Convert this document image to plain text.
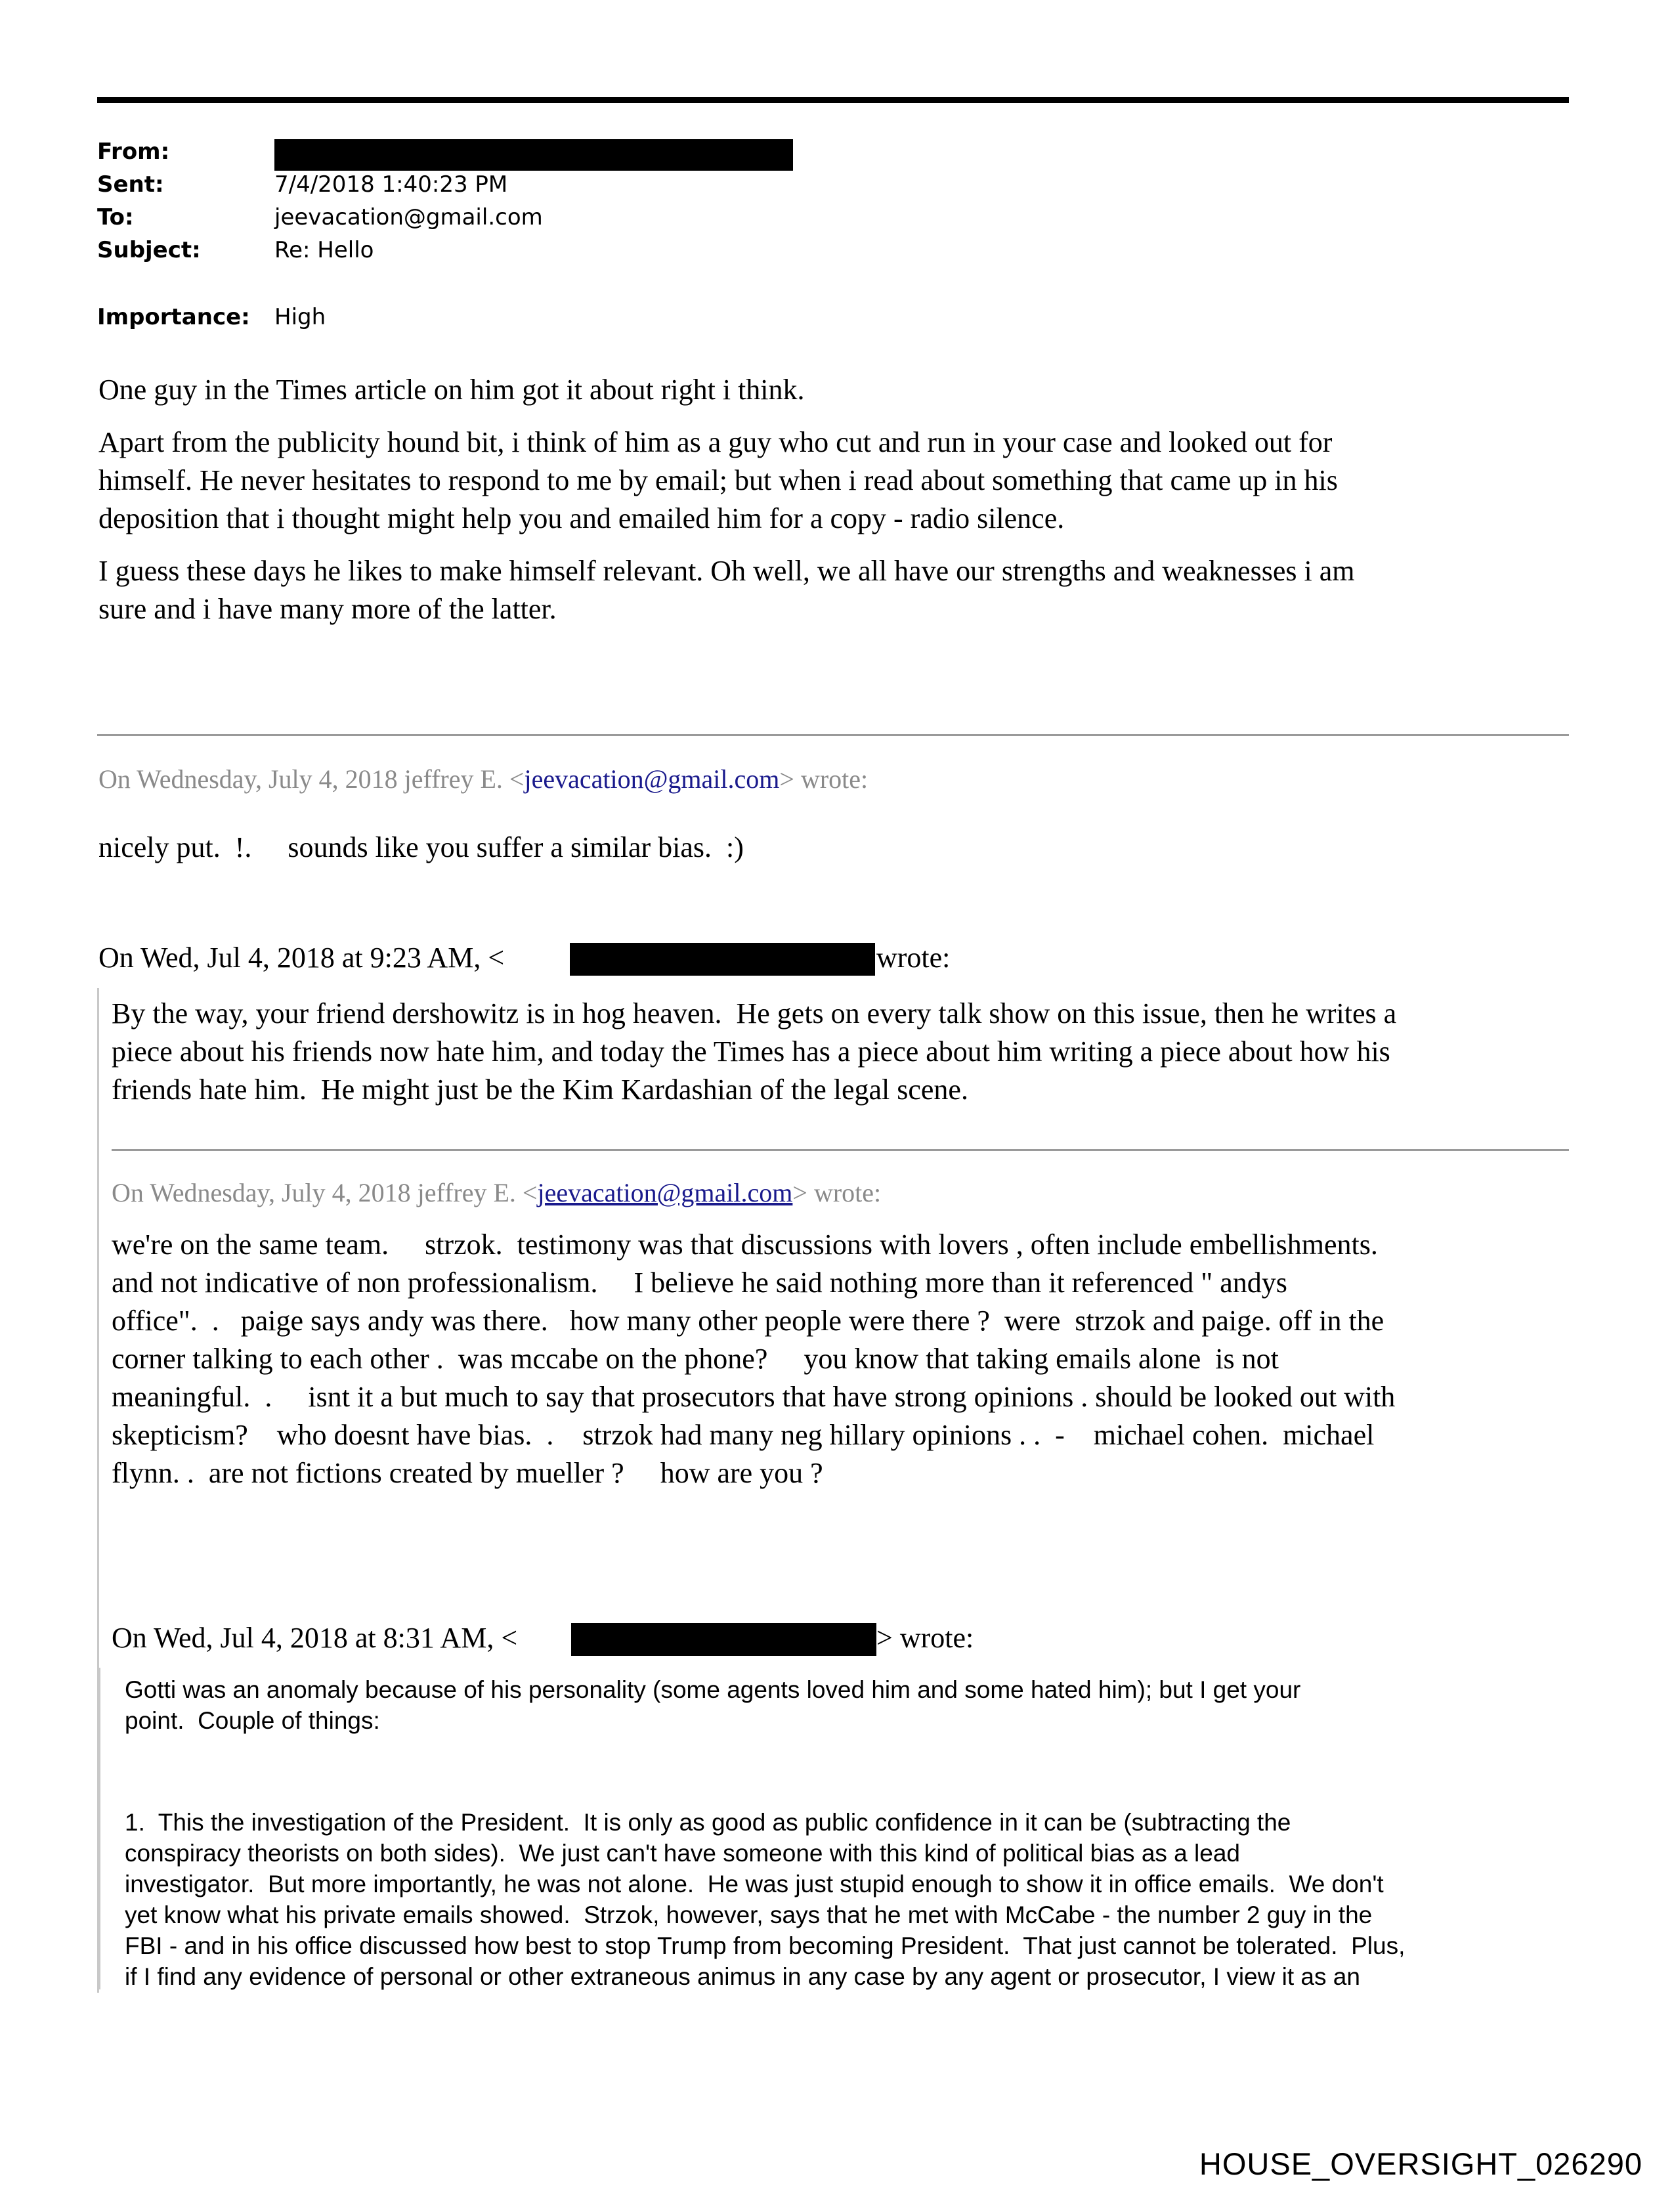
From:
Sent:	7/4/2018 1:40:23 PM
To:	jeevacation@gmail.com
Subject:	Re: Hello
Importance: High

One guy in the Times article on him got it about right i think.

Apart from the publicity hound bit, i think of him as a guy who cut and run in your case and looked out for
himself. He never hesitates to respond to me by email; but when i read about something that came up in his
deposition that i thought might help you and emailed him for a copy - radio silence.

I guess these days he likes to make himself relevant. Oh well, we all have our strengths and weaknesses i am
sure and i have many more of the latter.

On Wednesday, July 4, 2018 jeffrey E. <jeevacation@gmail.com> wrote:
nicely put.  !.     sounds like you suffer a similar bias.  :)
On Wed, Jul 4, 2018 at 9:23 AM, <	wrote:
By the way, your friend dershowitz is in hog heaven.  He gets on every talk show on this issue, then he writes a
piece about his friends now hate him, and today the Times has a piece about him writing a piece about how his
friends hate him.  He might just be the Kim Kardashian of the legal scene.
On Wednesday, July 4, 2018 jeffrey E. <jeevacation@gmail.com> wrote:
we're on the same team.     strzok.  testimony was that discussions with lovers , often include embellishments.
and not indicative of non professionalism.     I believe he said nothing more than it referenced " andys
office".  .   paige says andy was there.   how many other people were there ?  were  strzok and paige. off in the
corner talking to each other .  was mccabe on the phone?     you know that taking emails alone  is not
meaningful.  .     isnt it a but much to say that prosecutors that have strong opinions . should be looked out with
skepticism?    who doesnt have bias.  .    strzok had many neg hillary opinions . .  -    michael cohen.  michael
flynn. .  are not fictions created by mueller ?     how are you ?
On Wed, Jul 4, 2018 at 8:31 AM, <	> wrote:
Gotti was an anomaly because of his personality (some agents loved him and some hated him); but I get your
point.  Couple of things:
1.  This the investigation of the President.  It is only as good as public confidence in it can be (subtracting the
conspiracy theorists on both sides).  We just can't have someone with this kind of political bias as a lead
investigator.  But more importantly, he was not alone.  He was just stupid enough to show it in office emails.  We don't
yet know what his private emails showed.  Strzok, however, says that he met with McCabe - the number 2 guy in the
FBI - and in his office discussed how best to stop Trump from becoming President.  That just cannot be tolerated.  Plus,
if I find any evidence of personal or other extraneous animus in any case by any agent or prosecutor, I view it as an
HOUSE_OVERSIGHT_026290
